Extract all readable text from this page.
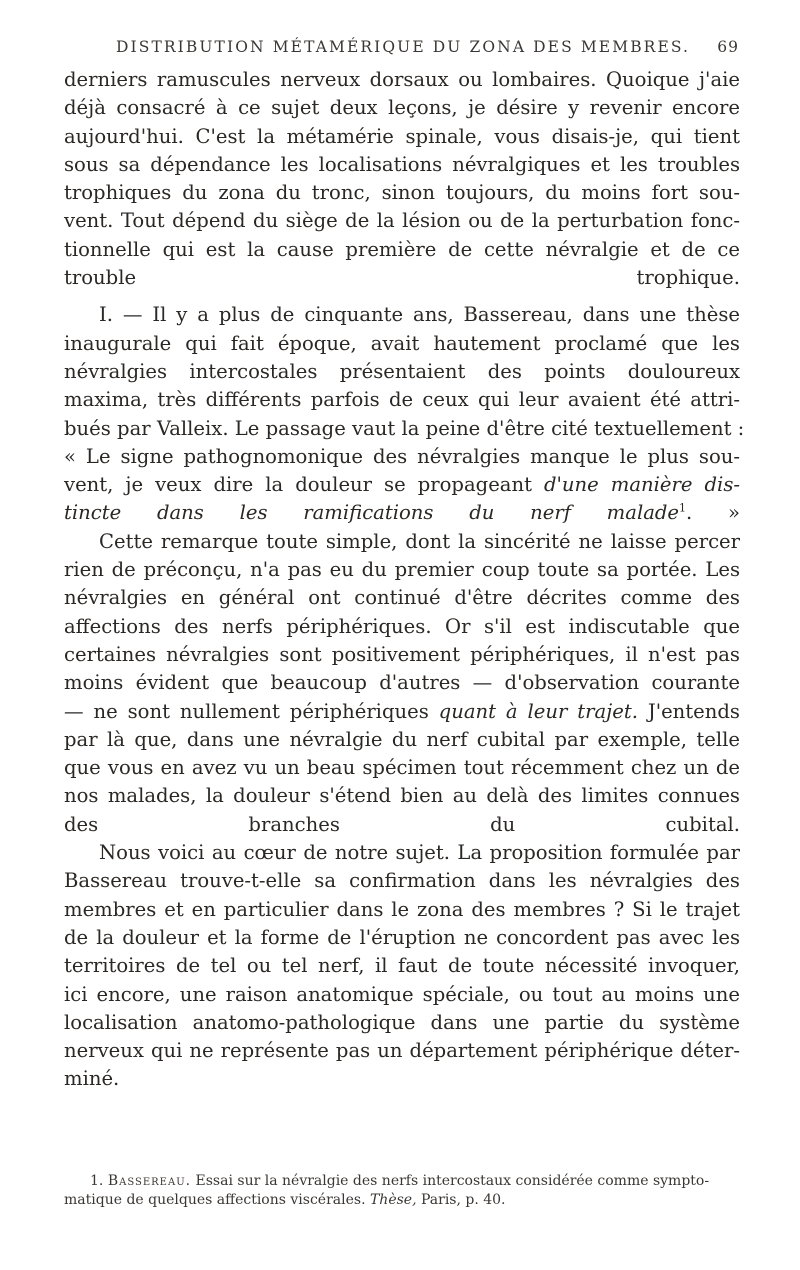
DISTRIBUTION MÉTAMÉRIQUE DU ZONA DES MEMBRES. 69

derniers ramuscules nerveux dorsaux ou lombaires. Quoique j'aie
déjà consacré à ce sujet deux leçons, je désire y revenir encore
aujourd'hui. C'est la métamérie spinale, vous disais-je, qui tient
sous sa dépendance les localisations névralgiques et les troubles
trophiques du zona du tronc, sinon toujours, du moins fort sou-
vent. Tout dépend du siège de la lésion ou de la perturbation fonc-
tionnelle qui est la cause première de cette névralgie et de ce
trouble trophique.

I. — Il y a plus de cinquante ans, Bassereau, dans une thèse
inaugurale qui fait époque, avait hautement proclamé que les
névralgies intercostales présentaient des points douloureux
maxima, très différents parfois de ceux qui leur avaient été attri-
bués par Valleix. Le passage vaut la peine d'être cité textuellement :
« Le signe pathognomonique des névralgies manque le plus sou-
vent, je veux dire la douleur se propageant d'une manière dis-
tincte dans les ramifications du nerf malade$^1$. »

Cette remarque toute simple, dont la sincérité ne laisse percer
rien de préconçu, n'a pas eu du premier coup toute sa portée. Les
névralgies en général ont continué d'être décrites comme des
affections des nerfs périphériques. Or s'il est indiscutable que
certaines névralgies sont positivement périphériques, il n'est pas
moins évident que beaucoup d'autres — d'observation courante
— ne sont nullement périphériques quant à leur trajet. J'entends
par là que, dans une névralgie du nerf cubital par exemple, telle
que vous en avez vu un beau spécimen tout récemment chez un de
nos malades, la douleur s'étend bien au delà des limites connues
des branches du cubital.

Nous voici au cœur de notre sujet. La proposition formulée par
Bassereau trouve-t-elle sa confirmation dans les névralgies des
membres et en particulier dans le zona des membres ? Si le trajet
de la douleur et la forme de l'éruption ne concordent pas avec les
territoires de tel ou tel nerf, il faut de toute nécessité invoquer,
ici encore, une raison anatomique spéciale, ou tout au moins une
localisation anatomo-pathologique dans une partie du système
nerveux qui ne représente pas un département périphérique déter-
miné.

1. Bassereau. Essai sur la névralgie des nerfs intercostaux considérée comme sympto-
matique de quelques affections viscérales. Thèse, Paris, p. 40.
